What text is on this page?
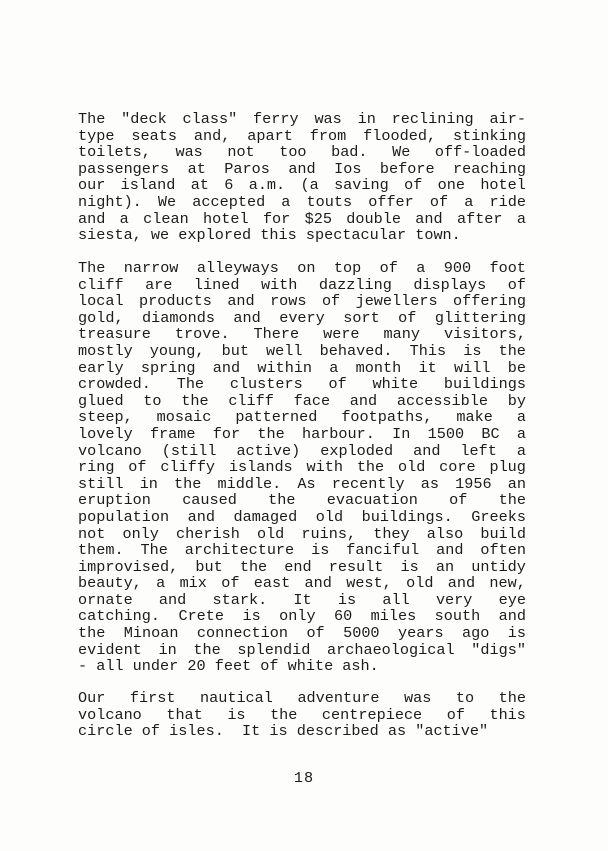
The "deck class" ferry was in reclining air-
type seats and, apart from flooded, stinking
toilets, was not too bad. We off-loaded
passengers at Paros and Ios before reaching
our island at 6 a.m. (a saving of one hotel
night). We accepted a touts offer of a ride
and a clean hotel for $25 double and after a
siesta, we explored this spectacular town.
The narrow alleyways on top of a 900 foot
cliff are lined with dazzling displays of
local products and rows of jewellers offering
gold, diamonds and every sort of glittering
treasure trove. There were many visitors,
mostly young, but well behaved. This is the
early spring and within a month it will be
crowded. The clusters of white buildings
glued to the cliff face and accessible by
steep, mosaic patterned footpaths, make a
lovely frame for the harbour. In 1500 BC a
volcano (still active) exploded and left a
ring of cliffy islands with the old core plug
still in the middle. As recently as 1956 an
eruption caused the evacuation of the
population and damaged old buildings. Greeks
not only cherish old ruins, they also build
them. The architecture is fanciful and often
improvised, but the end result is an untidy
beauty, a mix of east and west, old and new,
ornate and stark. It is all very eye
catching. Crete is only 60 miles south and
the Minoan connection of 5000 years ago is
evident in the splendid archaeological "digs"
- all under 20 feet of white ash.
Our first nautical adventure was to the
volcano that is the centrepiece of this
circle of isles.  It is described as "active"
18
